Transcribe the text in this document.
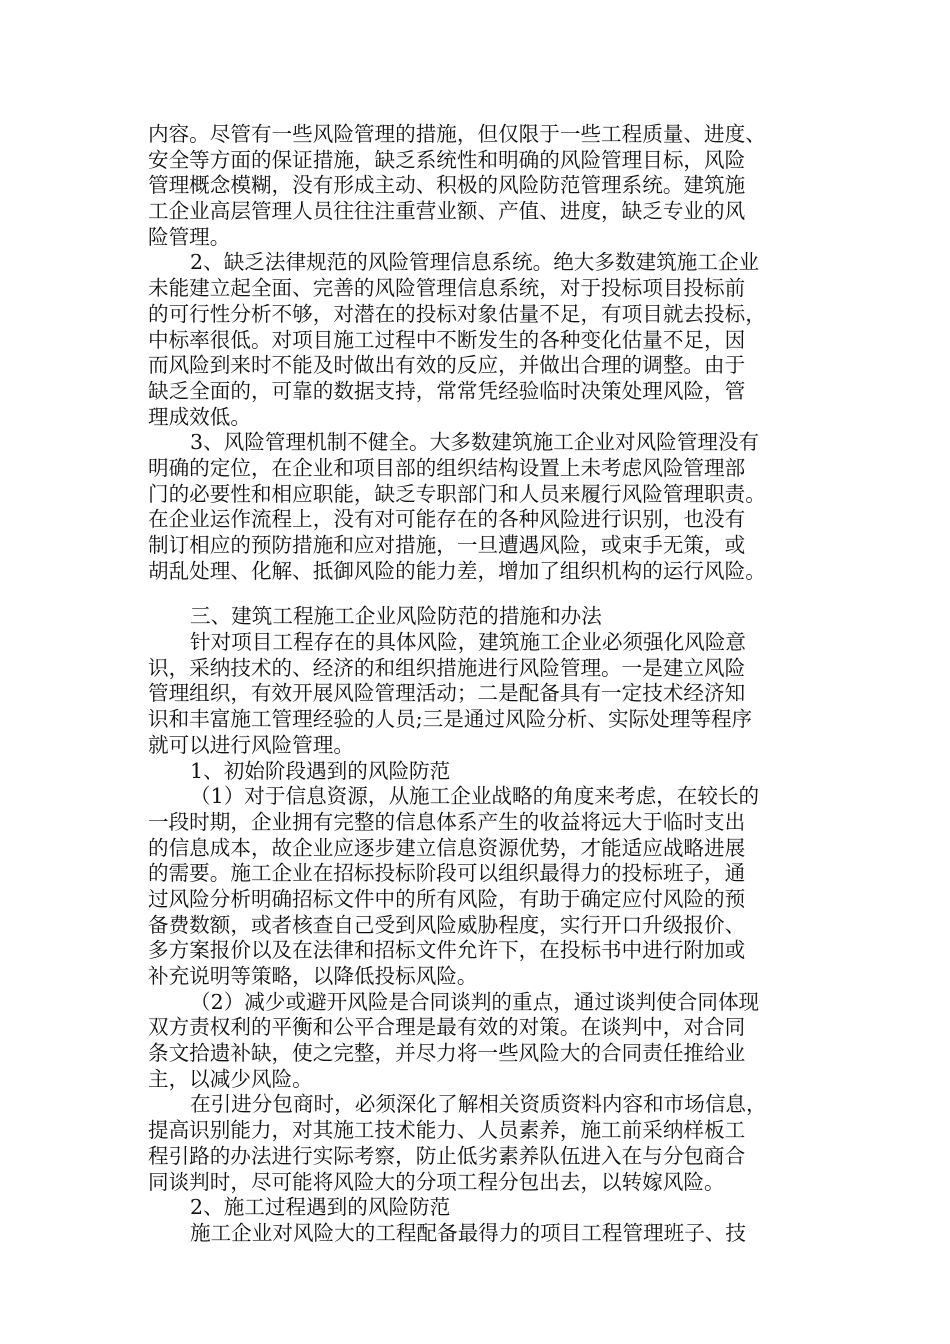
内容。尽管有一些风险管理的措施，但仅限于一些工程质量、进度、
安全等方面的保证措施，缺乏系统性和明确的风险管理目标，风险
管理概念模糊，没有形成主动、积极的风险防范管理系统。建筑施
工企业高层管理人员往往注重营业额、产值、进度，缺乏专业的风
险管理。
2、缺乏法律规范的风险管理信息系统。绝大多数建筑施工企业
未能建立起全面、完善的风险管理信息系统，对于投标项目投标前
的可行性分析不够，对潜在的投标对象估量不足，有项目就去投标，
中标率很低。对项目施工过程中不断发生的各种变化估量不足，因
而风险到来时不能及时做出有效的反应，并做出合理的调整。由于
缺乏全面的，可靠的数据支持，常常凭经验临时决策处理风险，管
理成效低。
3、风险管理机制不健全。大多数建筑施工企业对风险管理没有
明确的定位，在企业和项目部的组织结构设置上未考虑风险管理部
门的必要性和相应职能，缺乏专职部门和人员来履行风险管理职责。
在企业运作流程上，没有对可能存在的各种风险进行识别，也没有
制订相应的预防措施和应对措施，一旦遭遇风险，或束手无策，或
胡乱处理、化解、抵御风险的能力差，增加了组织机构的运行风险。
三、建筑工程施工企业风险防范的措施和办法
针对项目工程存在的具体风险，建筑施工企业必须强化风险意
识，采纳技术的、经济的和组织措施进行风险管理。一是建立风险
管理组织，有效开展风险管理活动；二是配备具有一定技术经济知
识和丰富施工管理经验的人员;三是通过风险分析、实际处理等程序
就可以进行风险管理。
1、初始阶段遇到的风险防范
（1）对于信息资源，从施工企业战略的角度来考虑，在较长的
一段时期，企业拥有完整的信息体系产生的收益将远大于临时支出
的信息成本，故企业应逐步建立信息资源优势，才能适应战略进展
的需要。施工企业在招标投标阶段可以组织最得力的投标班子，通
过风险分析明确招标文件中的所有风险，有助于确定应付风险的预
备费数额，或者核查自己受到风险威胁程度，实行开口升级报价、
多方案报价以及在法律和招标文件允许下，在投标书中进行附加或
补充说明等策略，以降低投标风险。
（2）减少或避开风险是合同谈判的重点，通过谈判使合同体现
双方责权利的平衡和公平合理是最有效的对策。在谈判中，对合同
条文拾遗补缺，使之完整，并尽力将一些风险大的合同责任推给业
主，以减少风险。
在引进分包商时，必须深化了解相关资质资料内容和市场信息，
提高识别能力，对其施工技术能力、人员素养，施工前采纳样板工
程引路的办法进行实际考察，防止低劣素养队伍进入在与分包商合
同谈判时，尽可能将风险大的分项工程分包出去，以转嫁风险。
2、施工过程遇到的风险防范
施工企业对风险大的工程配备最得力的项目工程管理班子、技
